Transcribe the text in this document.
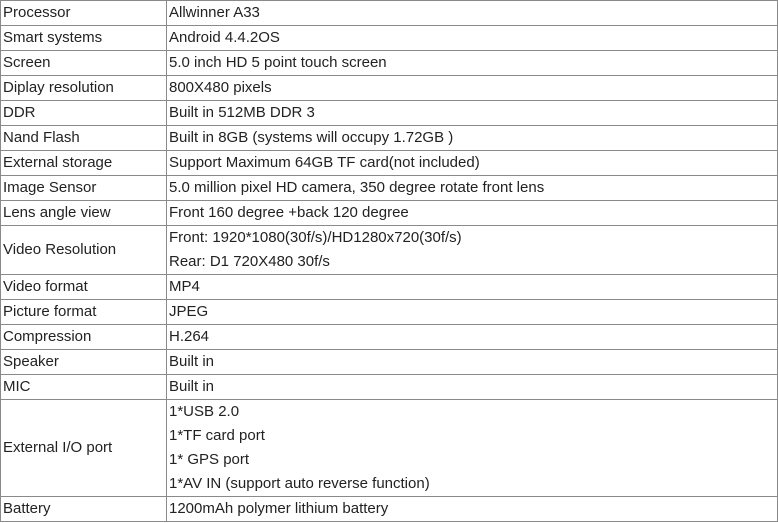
Processor	Allwinner A33
Smart systems	Android 4.4.2OS
Screen	5.0 inch HD 5 point touch screen
Diplay resolution	800X480 pixels
DDR	Built in 512MB DDR 3
Nand Flash	Built in 8GB (systems will occupy 1.72GB )
External storage	Support Maximum 64GB TF card(not included)
Image Sensor	5.0 million pixel HD camera, 350 degree rotate front lens
Lens angle view	Front 160 degree +back 120 degree
Video Resolution	Front: 1920*1080(30f/s)/HD1280x720(30f/s)
Rear: D1 720X480 30f/s

Video format	MP4
Picture format	JPEG
Compression	H.264
Speaker	Built in
MIC	Built in
External I/O port	1*USB 2.0
1*TF card port
1* GPS port
1*AV IN (support auto reverse function)

Battery	1200mAh polymer lithium battery
